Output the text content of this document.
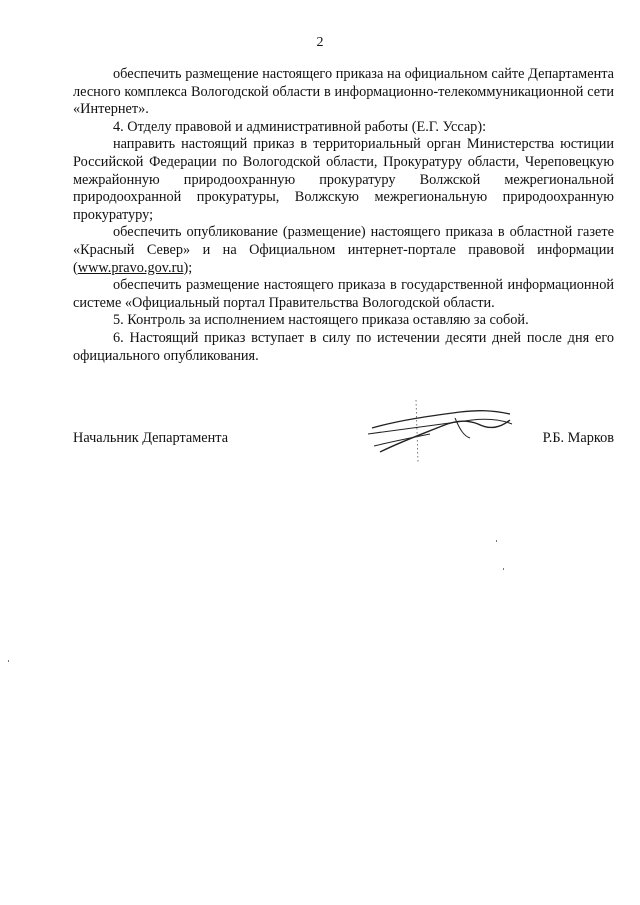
2

обеспечить размещение настоящего приказа на официальном сайте Департамента лесного комплекса Вологодской области в информационно-телекоммуникационной сети «Интернет».

4. Отделу правовой и административной работы (Е.Г. Уссар):

направить настоящий приказ в территориальный орган Министерства юстиции Российской Федерации по Вологодской области, Прокуратуру области, Череповецкую межрайонную природоохранную прокуратуру Волжской межрегиональной природоохранной прокуратуры, Волжскую межрегиональную природоохранную прокуратуру;

обеспечить опубликование (размещение) настоящего приказа в областной газете «Красный Север» и на Официальном интернет-портале правовой информации (www.pravo.gov.ru);

обеспечить размещение настоящего приказа в государственной информационной системе «Официальный портал Правительства Вологодской области.

5. Контроль за исполнением настоящего приказа оставляю за собой.

6. Настоящий приказ вступает в силу по истечении десяти дней после дня его официального опубликования.

Начальник Департамента	Р.Б. Марков
